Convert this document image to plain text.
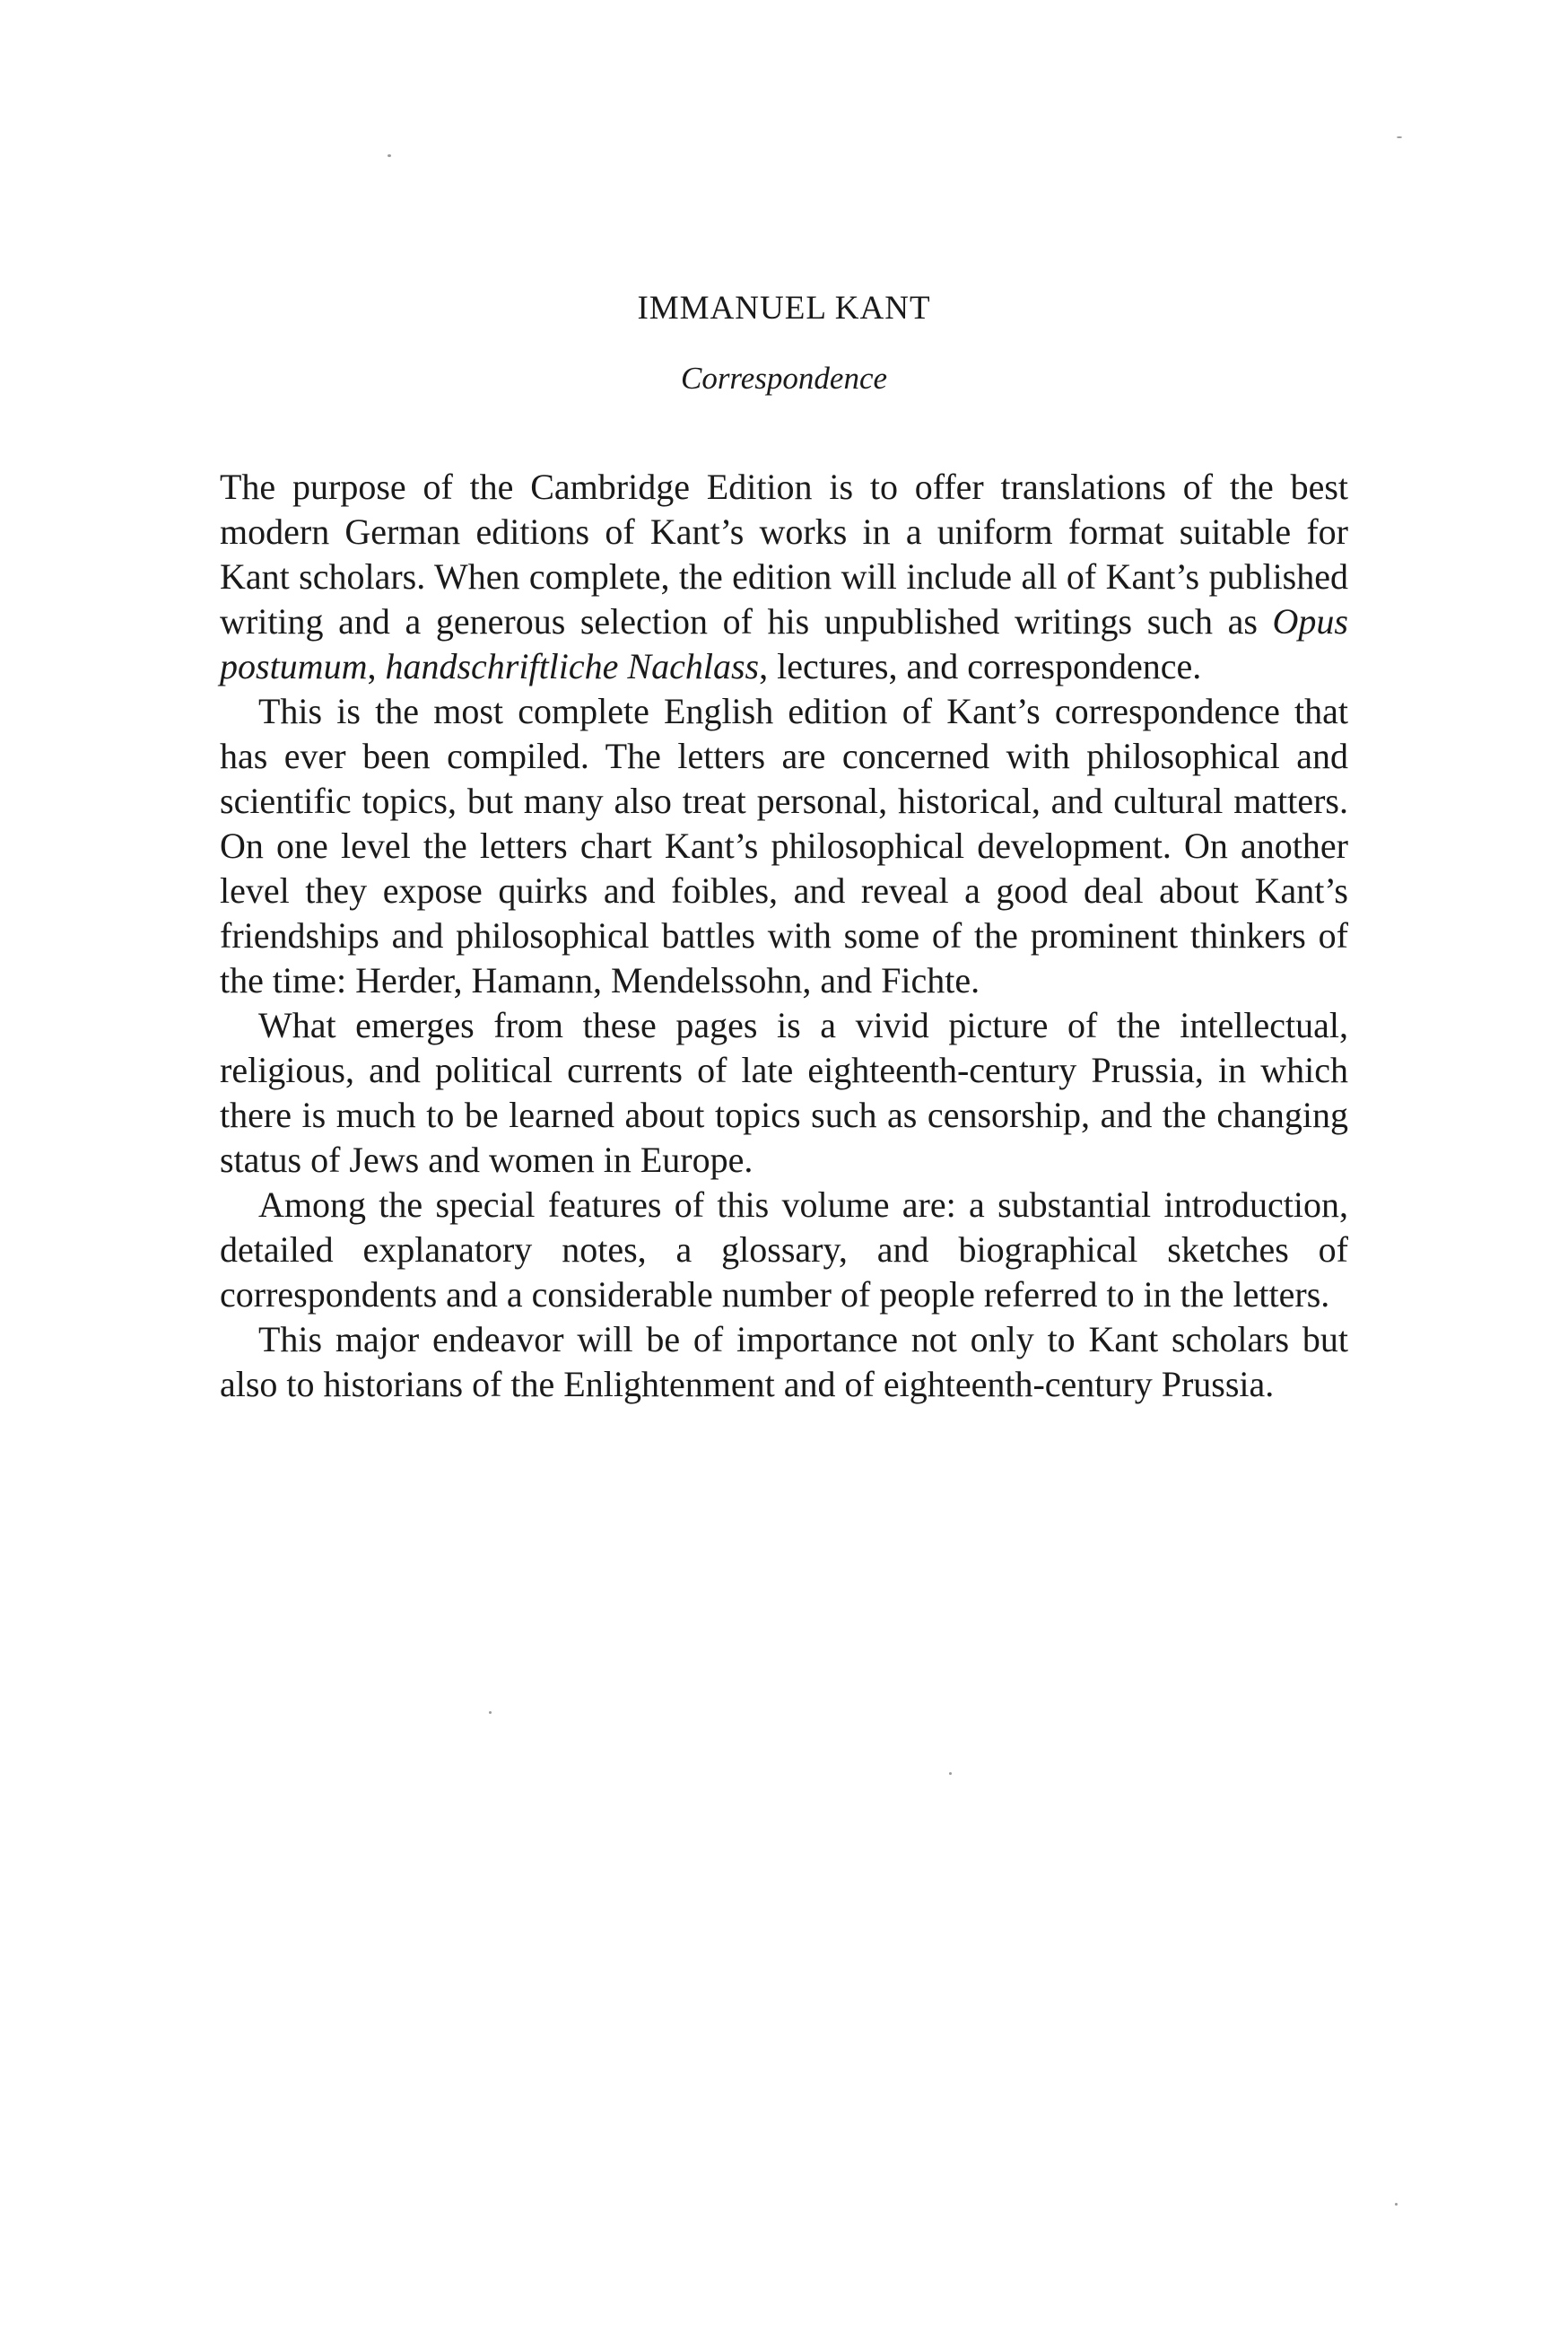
IMMANUEL KANT
Correspondence

The purpose of the Cambridge Edition is to offer translations of the best modern German editions of Kant’s works in a uniform format suitable for Kant scholars. When complete, the edition will include all of Kant’s published writing and a generous selection of his unpublished writings such as Opus postumum, handschriftliche Nachlass, lectures, and correspondence.

This is the most complete English edition of Kant’s correspondence that has ever been compiled. The letters are concerned with philosophical and scientific topics, but many also treat personal, historical, and cultural matters. On one level the letters chart Kant’s philosophical development. On another level they expose quirks and foibles, and reveal a good deal about Kant’s friendships and philosophical battles with some of the prominent thinkers of the time: Herder, Hamann, Mendelssohn, and Fichte.

What emerges from these pages is a vivid picture of the intellectual, religious, and political currents of late eighteenth-century Prussia, in which there is much to be learned about topics such as censorship, and the changing status of Jews and women in Europe.

Among the special features of this volume are: a substantial introduction, detailed explanatory notes, a glossary, and biographical sketches of correspondents and a considerable number of people referred to in the letters.

This major endeavor will be of importance not only to Kant scholars but also to historians of the Enlightenment and of eighteenth-century Prussia.
